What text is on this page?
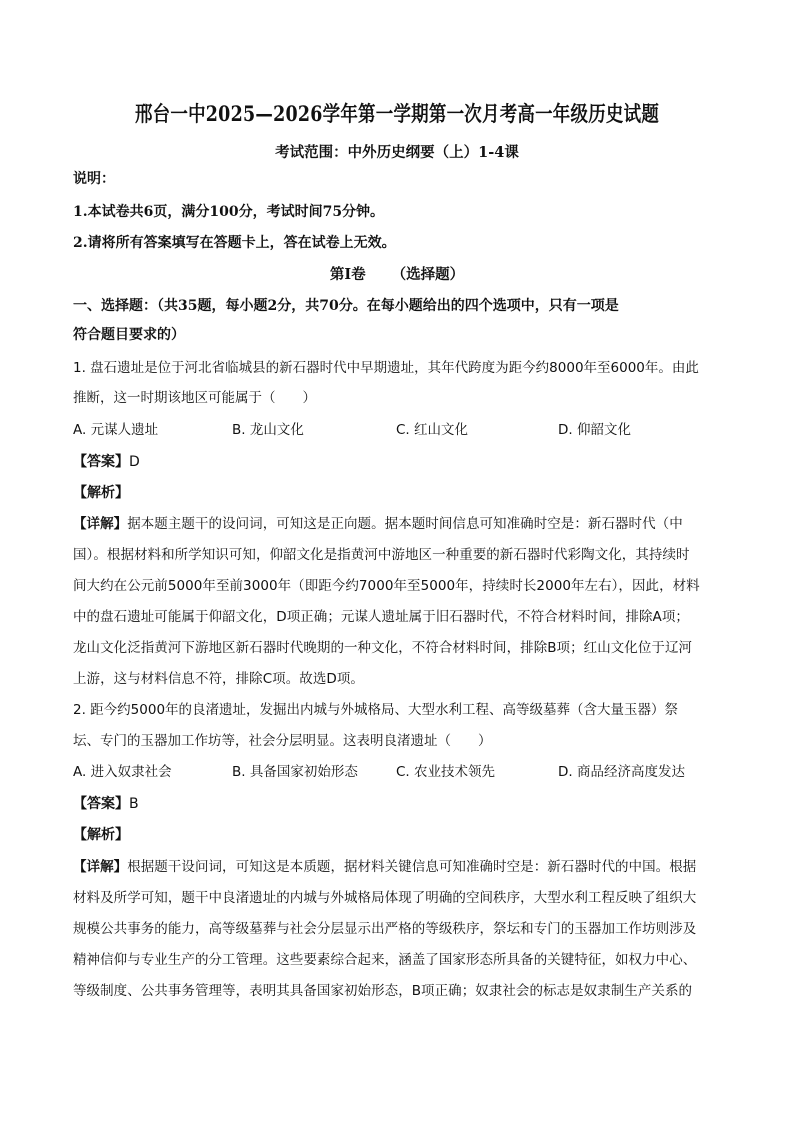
邢台一中2025—2026学年第一学期第一次月考高一年级历史试题
考试范围：中外历史纲要（上）1-4课
说明：
1.本试卷共6页，满分100分，考试时间75分钟。
2.请将所有答案填写在答题卡上，答在试卷上无效。
第Ⅰ卷 （选择题）
一、选择题：（共35题，每小题2分，共70分。在每小题给出的四个选项中，只有一项是
符合题目要求的）
1. 盘石遗址是位于河北省临城县的新石器时代中早期遗址，其年代跨度为距今约8000年至6000年。由此
推断，这一时期该地区可能属于（　　）
A. 元谋人遗址	B. 龙山文化	C. 红山文化	D. 仰韶文化
【答案】D
【解析】
【详解】据本题主题干的设问词，可知这是正向题。据本题时间信息可知准确时空是：新石器时代（中
国）。根据材料和所学知识可知，仰韶文化是指黄河中游地区一种重要的新石器时代彩陶文化，其持续时
间大约在公元前5000年至前3000年（即距今约7000年至5000年，持续时长2000年左右），因此，材料
中的盘石遗址可能属于仰韶文化，D项正确；元谋人遗址属于旧石器时代，不符合材料时间，排除A项；
龙山文化泛指黄河下游地区新石器时代晚期的一种文化，不符合材料时间，排除B项；红山文化位于辽河
上游，这与材料信息不符，排除C项。故选D项。
2. 距今约5000年的良渚遗址，发掘出内城与外城格局、大型水利工程、高等级墓葬（含大量玉器）祭
坛、专门的玉器加工作坊等，社会分层明显。这表明良渚遗址（　　）
A. 进入奴隶社会	B. 具备国家初始形态	C. 农业技术领先	D. 商品经济高度发达
【答案】B
【解析】
【详解】根据题干设问词，可知这是本质题，据材料关键信息可知准确时空是：新石器时代的中国。根据
材料及所学可知，题干中良渚遗址的内城与外城格局体现了明确的空间秩序，大型水利工程反映了组织大
规模公共事务的能力，高等级墓葬与社会分层显示出严格的等级秩序，祭坛和专门的玉器加工作坊则涉及
精神信仰与专业生产的分工管理。这些要素综合起来，涵盖了国家形态所具备的关键特征，如权力中心、
等级制度、公共事务管理等，表明其具备国家初始形态，B项正确；奴隶社会的标志是奴隶制生产关系的
